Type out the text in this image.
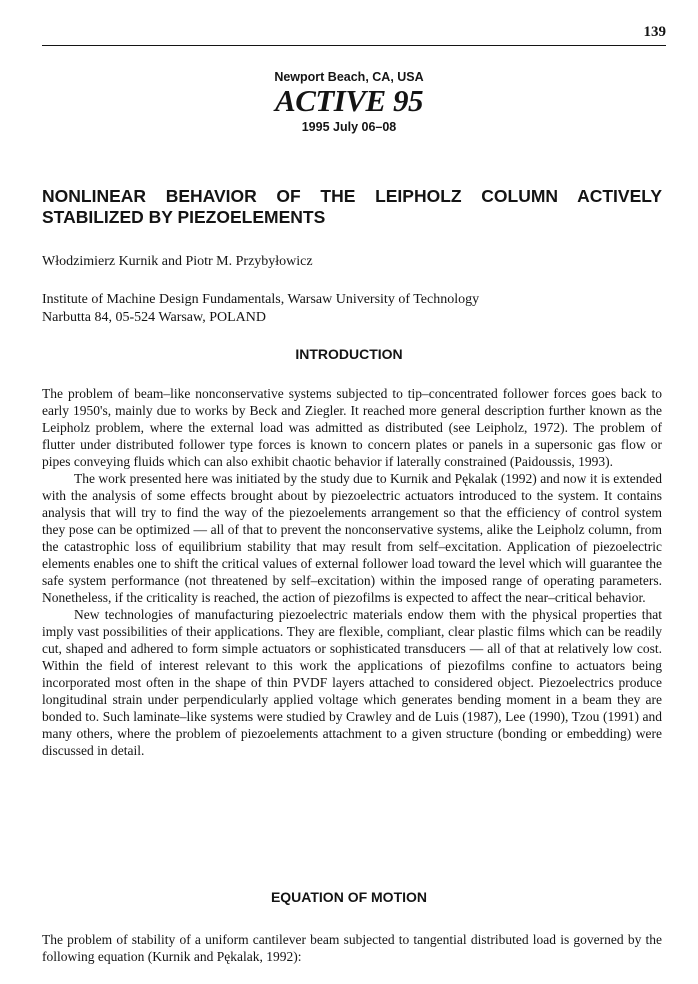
139
Newport Beach, CA, USA
ACTIVE 95
1995 July 06–08
NONLINEAR BEHAVIOR OF THE LEIPHOLZ COLUMN ACTIVELY STABILIZED BY PIEZOELEMENTS
Włodzimierz Kurnik and Piotr M. Przybyłowicz
Institute of Machine Design Fundamentals, Warsaw University of Technology
Narbutta 84, 05-524 Warsaw, POLAND
INTRODUCTION

The problem of beam–like nonconservative systems subjected to tip–concentrated follower forces goes back to early 1950's, mainly due to works by Beck and Ziegler. It reached more general description further known as the Leipholz problem, where the external load was admitted as distributed (see Leipholz, 1972). The problem of flutter under distributed follower type forces is known to concern plates or panels in a supersonic gas flow or pipes conveying fluids which can also exhibit chaotic behavior if laterally constrained (Paidoussis, 1993).

The work presented here was initiated by the study due to Kurnik and Pękalak (1992) and now it is extended with the analysis of some effects brought about by piezoelectric actuators introduced to the system. It contains analysis that will try to find the way of the piezoelements arrangement so that the efficiency of control system they pose can be optimized — all of that to prevent the nonconservative systems, alike the Leipholz column, from the catastrophic loss of equilibrium stability that may result from self–excitation. Application of piezoelectric elements enables one to shift the critical values of external follower load toward the level which will guarantee the safe system performance (not threatened by self–excitation) within the imposed range of operating parameters. Nonetheless, if the criticality is reached, the action of piezofilms is expected to affect the near–critical behavior.

New technologies of manufacturing piezoelectric materials endow them with the physical properties that imply vast possibilities of their applications. They are flexible, compliant, clear plastic films which can be readily cut, shaped and adhered to form simple actuators or sophisticated transducers — all of that at relatively low cost. Within the field of interest relevant to this work the applications of piezofilms confine to actuators being incorporated most often in the shape of thin PVDF layers attached to considered object. Piezoelectrics produce longitudinal strain under perpendicularly applied voltage which generates bending moment in a beam they are bonded to. Such laminate–like systems were studied by Crawley and de Luis (1987), Lee (1990), Tzou (1991) and many others, where the problem of piezoelements attachment to a given structure (bonding or embedding) were discussed in detail.

EQUATION OF MOTION

The problem of stability of a uniform cantilever beam subjected to tangential distributed load is governed by the following equation (Kurnik and Pękalak, 1992):
